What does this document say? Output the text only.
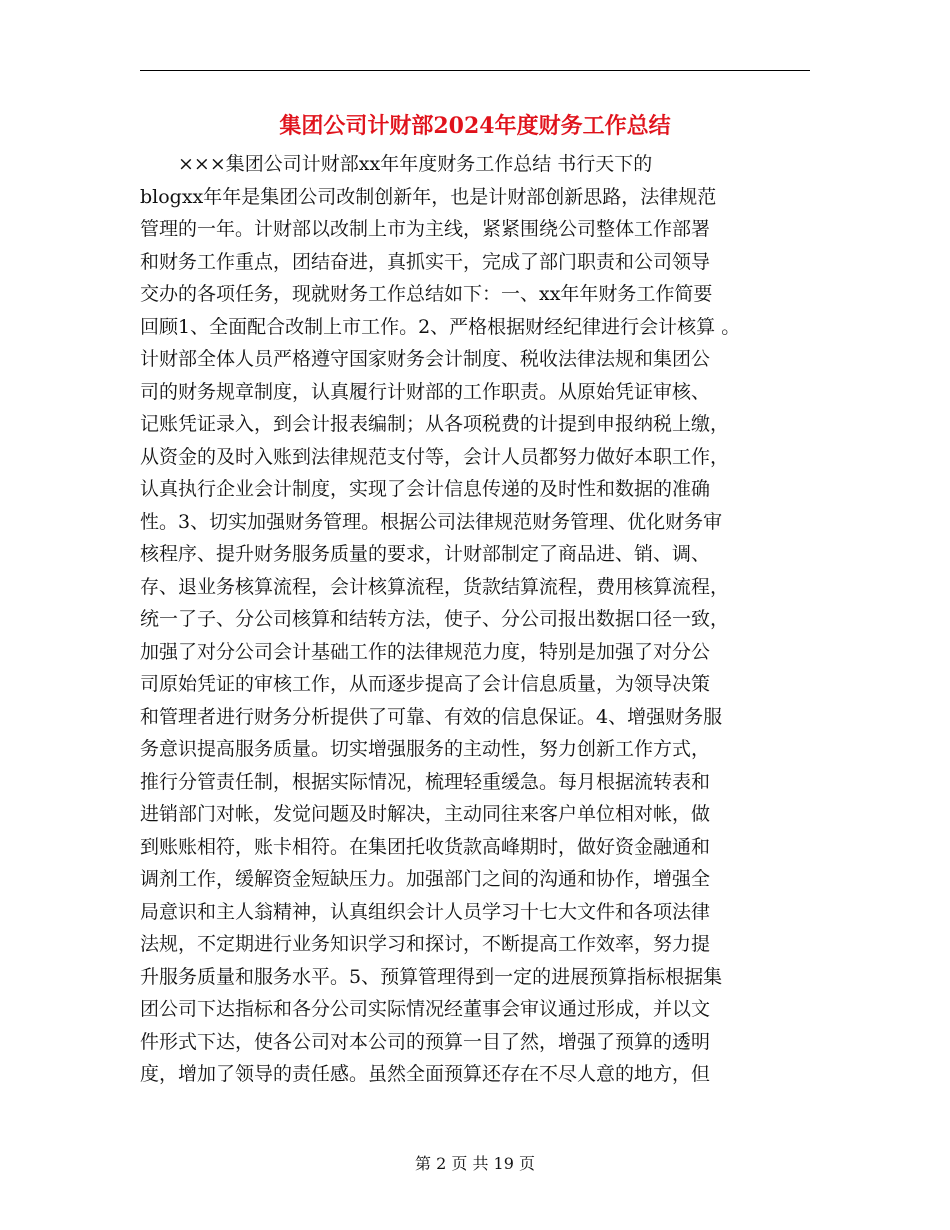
集团公司计财部2024年度财务工作总结
　　×××集团公司计财部xx年年度财务工作总结 书行天下的
blogxx年年是集团公司改制创新年，也是计财部创新思路，法律规范
管理的一年。计财部以改制上市为主线，紧紧围绕公司整体工作部署
和财务工作重点，团结奋进，真抓实干，完成了部门职责和公司领导
交办的各项任务，现就财务工作总结如下：一、xx年年财务工作简要
回顾1、全面配合改制上市工作。2、严格根据财经纪律进行会计核算 。
计财部全体人员严格遵守国家财务会计制度、税收法律法规和集团公
司的财务规章制度，认真履行计财部的工作职责。从原始凭证审核、
记账凭证录入，到会计报表编制；从各项税费的计提到申报纳税上缴，
从资金的及时入账到法律规范支付等，会计人员都努力做好本职工作，
认真执行企业会计制度，实现了会计信息传递的及时性和数据的准确
性。3、切实加强财务管理。根据公司法律规范财务管理、优化财务审
核程序、提升财务服务质量的要求，计财部制定了商品进、销、调、
存、退业务核算流程，会计核算流程，货款结算流程，费用核算流程，
统一了子、分公司核算和结转方法，使子、分公司报出数据口径一致，
加强了对分公司会计基础工作的法律规范力度，特别是加强了对分公
司原始凭证的审核工作，从而逐步提高了会计信息质量，为领导决策
和管理者进行财务分析提供了可靠、有效的信息保证。4、增强财务服
务意识提高服务质量。切实增强服务的主动性，努力创新工作方式，
推行分管责任制，根据实际情况，梳理轻重缓急。每月根据流转表和
进销部门对帐，发觉问题及时解决，主动同往来客户单位相对帐，做
到账账相符，账卡相符。在集团托收货款高峰期时，做好资金融通和
调剂工作，缓解资金短缺压力。加强部门之间的沟通和协作，增强全
局意识和主人翁精神，认真组织会计人员学习十七大文件和各项法律
法规，不定期进行业务知识学习和探讨，不断提高工作效率，努力提
升服务质量和服务水平。5、预算管理得到一定的进展预算指标根据集
团公司下达指标和各分公司实际情况经董事会审议通过形成，并以文
件形式下达，使各公司对本公司的预算一目了然，增强了预算的透明
度，增加了领导的责任感。虽然全面预算还存在不尽人意的地方，但
第 2 页 共 19 页
